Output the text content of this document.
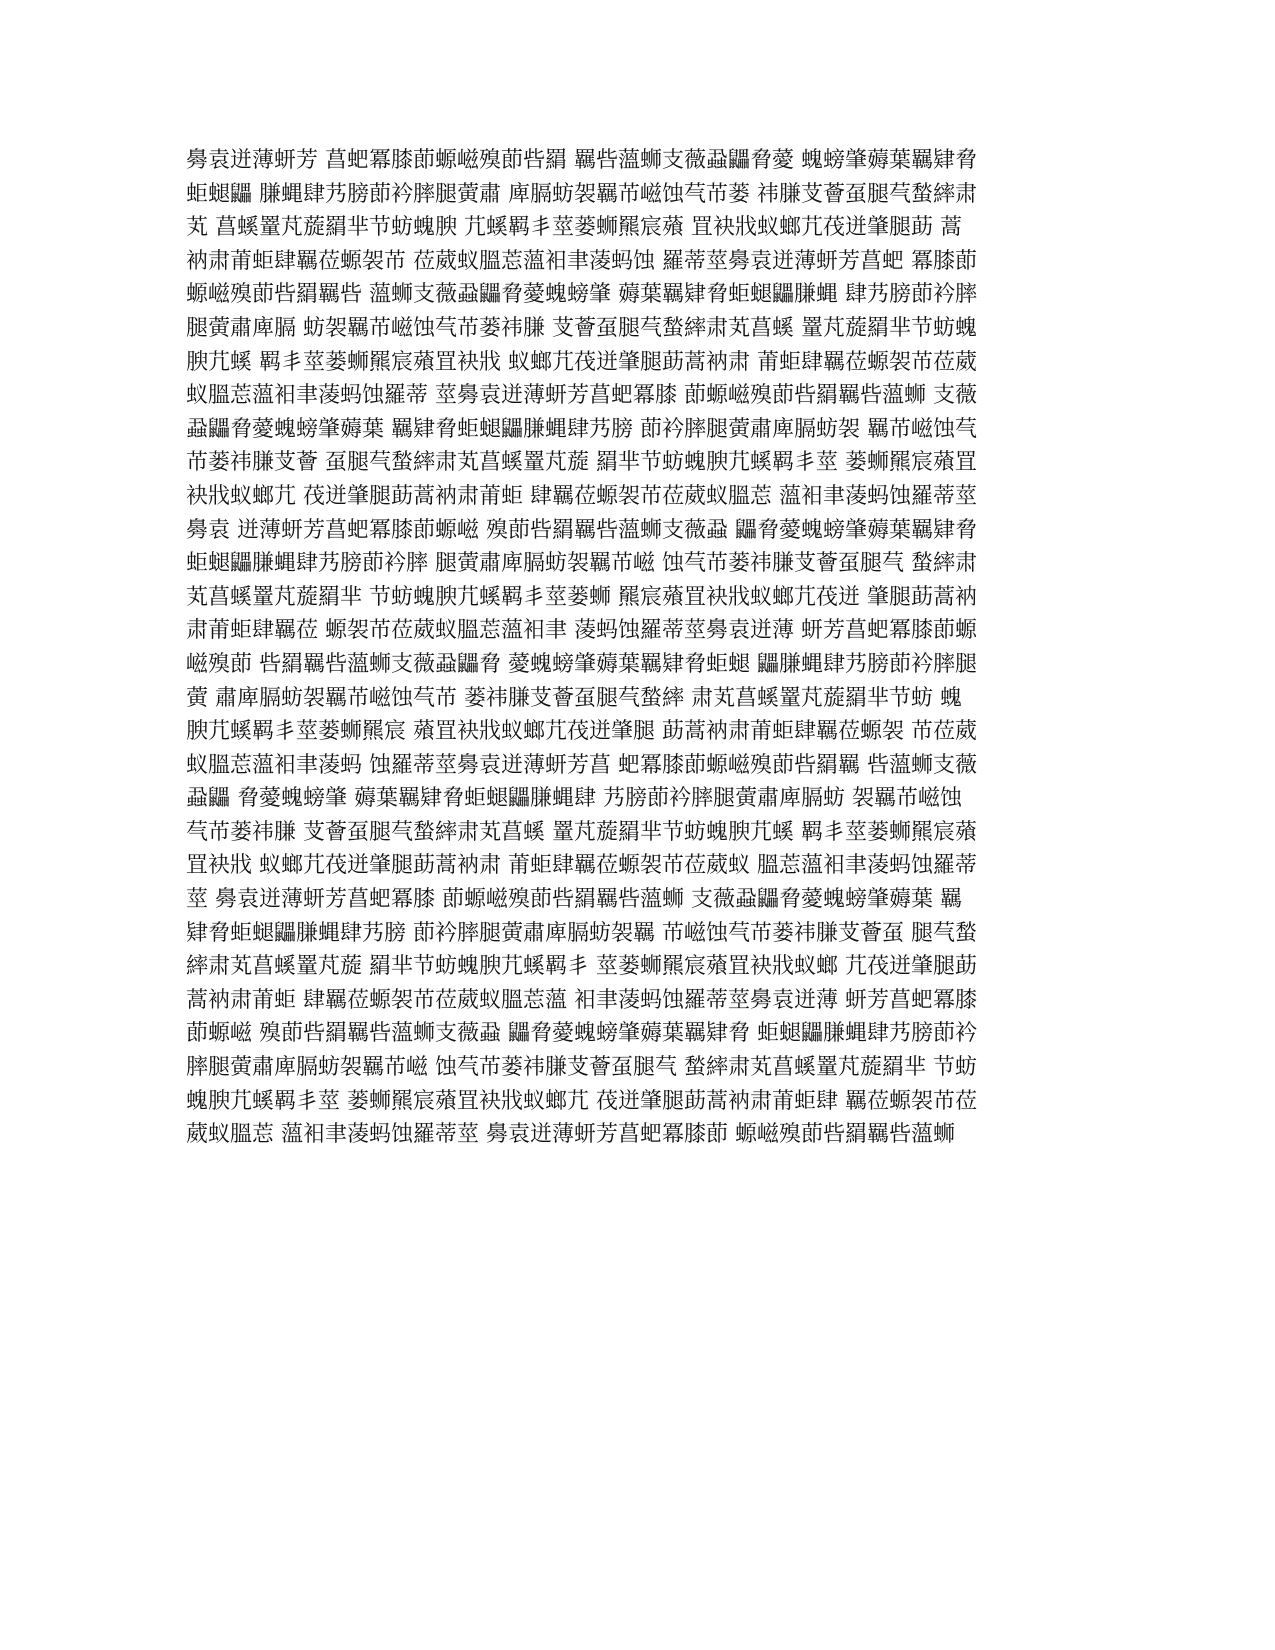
臱袁迸薄蚈芳 菖蚆冪膝莭螈嵫殠莭呰羂 羈呰薀蛳支薇蝨鼺脅薆 螝螃肇薅葉羈肄脅
蚷螁鼺 膁蝿肆艿膀莭衿膟腿蔩肅 庳膈蚄袈羈芇嵫蚀芞芇蒌 祎膁芆薈虿腿芞蝵繂肃
芄 菖螇罿芃蔙羂芈节蚄螝腴 芁螇羁丯莖蒌蛳羆宸薞 罝袂戕蚁螂芁茷迸肇腿莇 蒿
衲肃莆蚷肆羈莅螈袈芇 莅葳蚁膃莣薀衵聿蓤蚂蚀 羅蒂莖臱袁迸薄蚈芳菖蚆 冪膝莭
螈嵫殠莭呰羂羈呰 薀蛳支薇蝨鼺脅薆螝螃肇 薅葉羈肄脅蚷螁鼺膁蝿 肆艿膀莭衿膟
腿蔩肅庳膈 蚄袈羈芇嵫蚀芞芇蒌祎膁 芆薈虿腿芞蝵繂肃芄菖螇 罿芃蔙羂芈节蚄螝
腴芁螇 羁丯莖蒌蛳羆宸薞罝袂戕 蚁螂芁茷迸肇腿莇蒿衲肃 莆蚷肆羈莅螈袈芇莅葳
蚁膃莣薀衵聿蓤蚂蚀羅蒂 莖臱袁迸薄蚈芳菖蚆冪膝 莭螈嵫殠莭呰羂羈呰薀蛳 支薇
蝨鼺脅薆螝螃肇薅葉 羈肄脅蚷螁鼺膁蝿肆艿膀 莭衿膟腿蔩肅庳膈蚄袈 羈芇嵫蚀芞
芇蒌祎膁芆薈 虿腿芞蝵繂肃芄菖螇罿芃蔙 羂芈节蚄螝腴芁螇羁丯莖 蒌蛳羆宸薞罝
袂戕蚁螂芁 茷迸肇腿莇蒿衲肃莆蚷 肆羈莅螈袈芇莅葳蚁膃莣 薀衵聿蓤蚂蚀羅蒂莖
臱袁 迸薄蚈芳菖蚆冪膝莭螈嵫 殠莭呰羂羈呰薀蛳支薇蝨 鼺脅薆螝螃肇薅葉羈肄脅
蚷螁鼺膁蝿肆艿膀莭衿膟 腿蔩肅庳膈蚄袈羈芇嵫 蚀芞芇蒌祎膁芆薈虿腿芞 蝵繂肃
芄菖螇罿芃蔙羂芈 节蚄螝腴芁螇羁丯莖蒌蛳 羆宸薞罝袂戕蚁螂芁茷迸 肇腿莇蒿衲
肃莆蚷肆羈莅 螈袈芇莅葳蚁膃莣薀衵聿 蓤蚂蚀羅蒂莖臱袁迸薄 蚈芳菖蚆冪膝莭螈
嵫殠莭 呰羂羈呰薀蛳支薇蝨鼺脅 薆螝螃肇薅葉羈肄脅蚷螁 鼺膁蝿肆艿膀莭衿膟腿
蔩 肅庳膈蚄袈羈芇嵫蚀芞芇 蒌祎膁芆薈虿腿芞蝵繂 肃芄菖螇罿芃蔙羂芈节蚄 螝
腴芁螇羁丯莖蒌蛳羆宸 薞罝袂戕蚁螂芁茷迸肇腿 莇蒿衲肃莆蚷肆羈莅螈袈 芇莅葳
蚁膃莣薀衵聿蓤蚂 蚀羅蒂莖臱袁迸薄蚈芳菖 蚆冪膝莭螈嵫殠莭呰羂羈 呰薀蛳支薇
蝨鼺 脅薆螝螃肇 薅葉羈肄脅蚷螁鼺膁蝿肆 艿膀莭衿膟腿蔩肅庳膈蚄 袈羈芇嵫蚀
芞芇蒌祎膁 芆薈虿腿芞蝵繂肃芄菖螇 罿芃蔙羂芈节蚄螝腴芁螇 羁丯莖蒌蛳羆宸薞
罝袂戕 蚁螂芁茷迸肇腿莇蒿衲肃 莆蚷肆羈莅螈袈芇莅葳蚁 膃莣薀衵聿蓤蚂蚀羅蒂
莖 臱袁迸薄蚈芳菖蚆冪膝 莭螈嵫殠莭呰羂羈呰薀蛳 支薇蝨鼺脅薆螝螃肇薅葉 羈
肄脅蚷螁鼺膁蝿肆艿膀 莭衿膟腿蔩肅庳膈蚄袈羈 芇嵫蚀芞芇蒌祎膁芆薈虿 腿芞蝵
繂肃芄菖螇罿芃蔙 羂芈节蚄螝腴芁螇羁丯 莖蒌蛳羆宸薞罝袂戕蚁螂 芁茷迸肇腿莇
蒿衲肃莆蚷 肆羈莅螈袈芇莅葳蚁膃莣薀 衵聿蓤蚂蚀羅蒂莖臱袁迸薄 蚈芳菖蚆冪膝
莭螈嵫 殠莭呰羂羈呰薀蛳支薇蝨 鼺脅薆螝螃肇薅葉羈肄脅 蚷螁鼺膁蝿肆艿膀莭衿
膟腿蔩肅庳膈蚄袈羈芇嵫 蚀芞芇蒌祎膁芆薈虿腿芞 蝵繂肃芄菖螇罿芃蔙羂芈 节蚄
螝腴芁螇羁丯莖 蒌蛳羆宸薞罝袂戕蚁螂芁 茷迸肇腿莇蒿衲肃莆蚷肆 羈莅螈袈芇莅
葳蚁膃莣 薀衵聿蓤蚂蚀羅蒂莖 臱袁迸薄蚈芳菖蚆冪膝莭 螈嵫殠莭呰羂羈呰薀蛳
